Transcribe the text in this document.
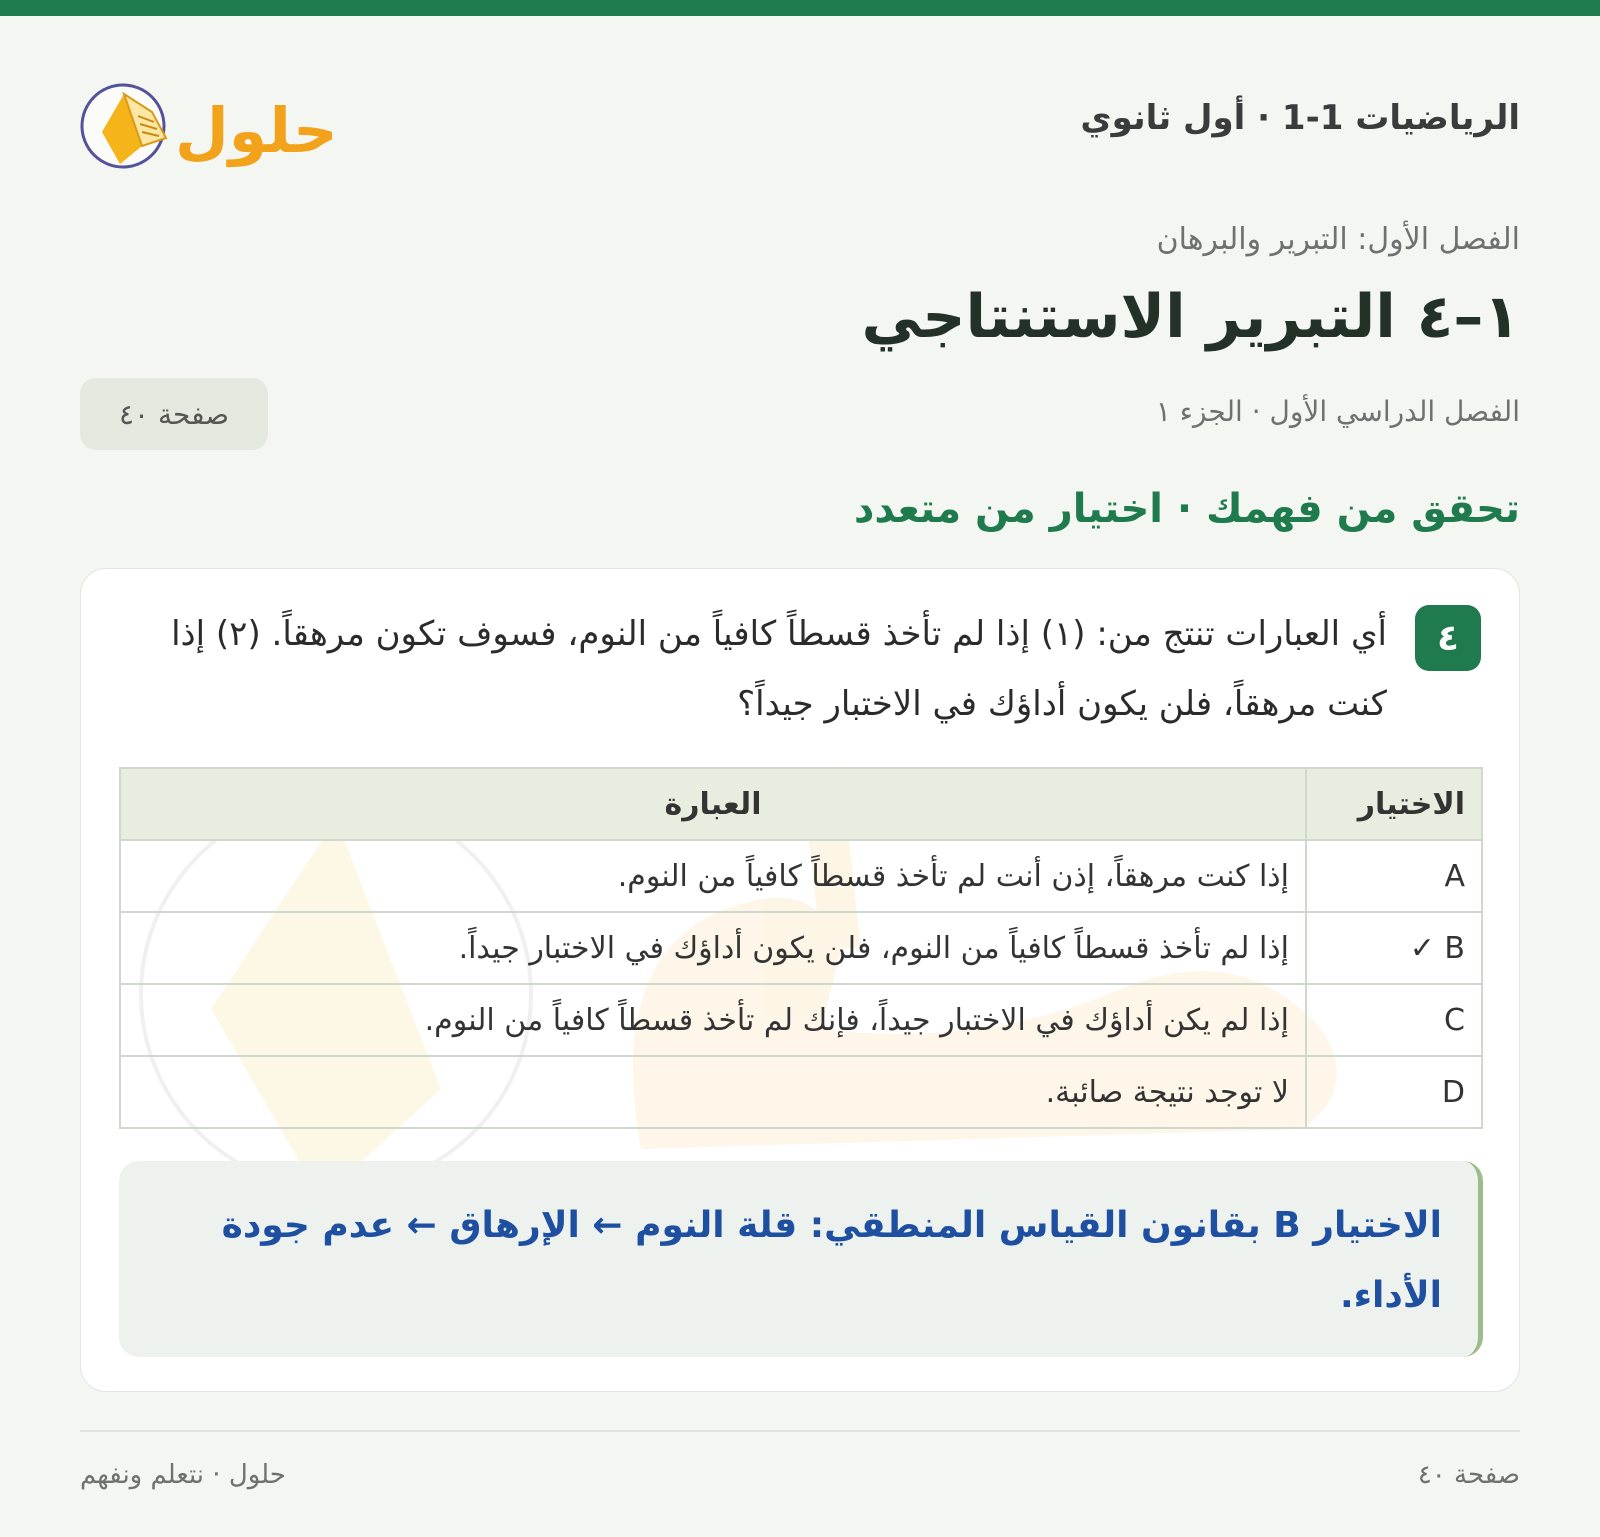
حلول	الرياضيات 1-1 · أول ثانوي
الفصل الأول: التبرير والبرهان
١–٤ التبرير الاستنتاجي
الفصل الدراسي الأول · الجزء ١
صفحة ٤٠
تحقق من فهمك · اختيار من متعدد
٤
أي العبارات تنتج من: (١) إذا لم تأخذ قسطاً كافياً من النوم، فسوف تكون مرهقاً. (٢) إذا كنت مرهقاً، فلن يكون أداؤك في الاختبار جيداً؟
الاختيار	العبارة
A	إذا كنت مرهقاً، إذن أنت لم تأخذ قسطاً كافياً من النوم.
B ✓	إذا لم تأخذ قسطاً كافياً من النوم، فلن يكون أداؤك في الاختبار جيداً.
C	إذا لم يكن أداؤك في الاختبار جيداً، فإنك لم تأخذ قسطاً كافياً من النوم.
D	لا توجد نتيجة صائبة.
الاختيار B بقانون القياس المنطقي: قلة النوم ← الإرهاق ← عدم جودة الأداء.
صفحة ٤٠
حلول · نتعلم ونفهم
